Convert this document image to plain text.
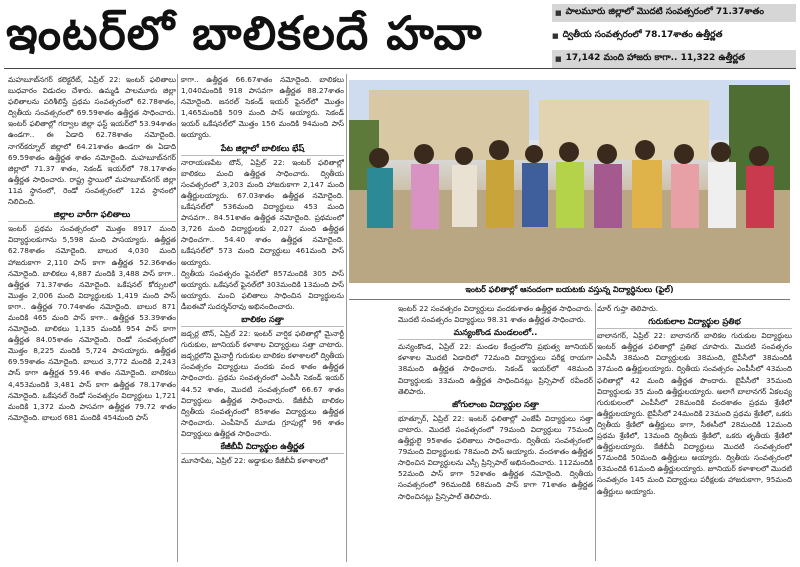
ఇంటర్‌లో బాలికలదే హవా	■ పాలమూరు జిల్లాలో మొదటి సంవత్సరంలో 71.37శాతం
■ ద్వితీయ సంవత్సరంలో 78.17శాతం ఉత్తీర్ణత
■ 17,142 మంది హాజరు కాగా.. 11,322 ఉత్తీర్ణత

మహబూబ్‌నగర్ కలెక్టరేట్, ఏప్రిల్ 22: ఇంటర్ ఫలితాలు బుధవారం విడుదల చేశారు. ఉమ్మడి పాలమూరు జిల్లా ఫలితాలను పరిశీలిస్తే ప్రథమ సంవత్సరంలో 62.78శాతం, ద్వితీయ సంవత్సరంలో 69.59శాతం ఉత్తీర్ణత సాధించారు. ఇంటర్ ఫలితాల్లో గద్వాల జిల్లా ఫస్ట్ ఇయర్‌లో 53.94శాతం ఉండగా.. ఈ ఏడాది 62.78శాతం నమోదైంది. నాగర్‌కర్నూల్ జిల్లాలో 64.21శాతం ఉండగా ఈ ఏడాది 69.59శాతం ఉత్తీర్ణత శాతం నమోదైంది. మహబూబ్‌నగర్ జిల్లాలో 71.37 శాతం, సెకండ్ ఇయర్‌లో 78.17శాతం ఉత్తీర్ణత సాధించారు. రాష్ట్ర స్థాయిలో మహబూబ్‌నగర్ జిల్లా 11వ స్థానంలో, రెండో సంవత్సరంలో 12వ స్థానంలో నిలిచింది.

జిల్లాల వారీగా ఫలితాలు

ఇంటర్ ప్రథమ సంవత్సరంలో మొత్తం 8917 మంది విద్యార్థులకుగాను 5,598 మంది పాసయ్యారు. ఉత్తీర్ణత 62.78శాతం నమోదైంది. బాలుర 4,030 మంది హాజరుకాగా 2,110 పాస్ కాగా ఉత్తీర్ణత 52.36శాతం నమోదైంది. బాలికలు 4,887 మందికి 3,488 పాస్ కాగా.. ఉత్తీర్ణత 71.37శాతం నమోదైంది. ఒకేషనల్ కోర్సులలో మొత్తం 2,006 మంది విద్యార్థులకు 1,419 మంది పాస్ కాగా.. ఉత్తీర్ణత 70.74శాతం నమోదైంది. బాలుర 871 మందికి 465 మంది పాస్ కాగా.. ఉత్తీర్ణత 53.39శాతం నమోదైంది. బాలికలు 1,135 మందికి 954 పాస్ కాగా ఉత్తీర్ణత 84.05శాతం నమోదైంది. రెండో సంవత్సరంలో మొత్తం 8,225 మందికి 5,724 పాసయ్యారు. ఉత్తీర్ణత 69.59శాతం నమోదైంది. బాలుర 3,772 మందికి 2,243 పాస్ కాగా ఉత్తీర్ణత 59.46 శాతం నమోదైంది. బాలికలు 4,453మందికి 3,481 పాస్ కాగా ఉత్తీర్ణత 78.17శాతం నమోదైంది. ఒకేషనల్ రెండో సంవత్సరం విద్యార్థులు 1,721 మందికి 1,372 మంది పాసవగా ఉత్తీర్ణత 79.72 శాతం నమోదైంది. బాలుర 681 మందికి 454మంది పాస్

కాగా.. ఉత్తీర్ణత 66.67శాతం నమోదైంది. బాలికలు 1,040మందికి 918 పాసవగా ఉత్తీర్ణత 88.27శాతం నమోదైంది. జనరల్ సెకండ్ ఇయర్ ఫైనల్‌లో మొత్తం 1,465మందికి 509 మంది పాస్ అయ్యారు. సెకండ్ ఇయర్ ఒకేషనల్‌లో మొత్తం 156 మందికి 94మంది పాస్ అయ్యారు.

పేట జిల్లాలో బాలికలు భేష్

నారాయణపేట టౌన్, ఏప్రిల్ 22: ఇంటర్ ఫలితాల్లో బాలికలు మంచి ఉత్తీర్ణత సాధించారు. ద్వితీయ సంవత్సరంలో 3,203 మంది హాజరుకాగా 2,147 మంది ఉత్తీర్ణులయ్యారు. 67.03శాతం ఉత్తీర్ణత నమోదైంది. ఒకేషనల్‌లో 536మంది విద్యార్థులు 453 మంది పాసవగా.. 84.51శాతం ఉత్తీర్ణత నమోదైంది. ప్రథమంలో 3,726 మంది విద్యార్థులకు 2,027 మంది ఉత్తీర్ణత సాధించగా.. 54.40 శాతం ఉత్తీర్ణత నమోదైంది. ఒకేషనల్‌లో 573 మంది విద్యార్థులు 461మంది పాస్ అయ్యారు.

ద్వితీయ సంవత్సరం ఫైనల్‌లో 857మందికి 305 పాస్ అయ్యారు. ఒకేషనల్ ఫైనల్‌లో 303మందికి 13మంది పాస్ అయ్యారు. మంచి ఫలితాలు సాధించిన విద్యార్థులను డీఐఈవో సుదర్శన్‌రావు అభినందించారు.

బాలికల సత్తా

జడ్చర్ల టౌన్, ఏప్రిల్ 22: ఇంటర్ వార్షిక ఫలితాల్లో మైనార్టీ గురుకుల, జూనియర్ కళాశాల విద్యార్థులు సత్తా చాటారు. జడ్చర్లలోని మైనార్టీ గురుకుల బాలికల కళాశాలలో ద్వితీయ సంవత్సరం విద్యార్థులు వందకు వంద శాతం ఉత్తీర్ణత సాధించారు. ప్రథమ సంవత్సరంలో ఎంపీసీ సెకండ్ ఇయర్ 44.52 శాతం, మొదటి సంవత్సరంలో 66.67 శాతం విద్యార్థులు ఉత్తీర్ణత సాధించారు. కేజీబీవీ బాలికల ద్వితీయ సంవత్సరంలో 85శాతం విద్యార్థులు ఉత్తీర్ణత సాధించారు. ఎంపీహెచ్ మూడు గ్రూపుల్లో 96 శాతం విద్యార్థులు ఉత్తీర్ణత సాధించారు.

కేజీబీవీ విద్యార్థుల ఉత్తీర్ణత

మూసాపేట, ఏప్రిల్ 22: అడ్డాకుల కేజీబీవీ కళాశాలలో

ఇంటర్ ఫలితాల్లో ఆనందంగా బయటకు వస్తున్న విద్యార్థినులు (ఫైల్)

ఇంటర్ 22 సంవత్సరం విద్యార్థులు వందకుశాతం ఉత్తీర్ణత సాధించారు. మొదటి సంవత్సరం విద్యార్థులు 98.31 శాతం ఉత్తీర్ణత సాధించారు.

మన్యంకొండ మండలంలో..

మన్యంకొండ, ఏప్రిల్ 22: మండల కేంద్రంలోని ప్రభుత్వ జూనియర్ కళాశాల మొదటి ఏడాదిలో 72మంది విద్యార్థులు పరీక్ష రాయగా 38మంది ఉత్తీర్ణత సాధించారు. సెకండ్ ఇయర్‌లో 48మంది విద్యార్థులకు 33మంది ఉత్తీర్ణత సాధించినట్లు ప్రిన్సిపాల్ రవీందర్ తెలిపారు.

జోగులాంబ విద్యార్థుల సత్తా

భూత్పూర్, ఏప్రిల్ 22: ఇంటర్ ఫలితాల్లో ఎంజేపీ విద్యార్థులు సత్తా చాటారు. మొదటి సంవత్సరంలో 79మంది విద్యార్థులు 75మంది ఉత్తీర్ణులై 95శాతం ఫలితాలు సాధించారు. ద్వితీయ సంవత్సరంలో 79మంది విద్యార్థులకు 78మంది పాస్ అయ్యారు. వందశాతం ఉత్తీర్ణత సాధించిన విద్యార్థులను ఎస్సీ ప్రిన్సిపాల్ అభినందించారు. 112మందికి 52మంది పాస్ కాగా 52శాతం ఉత్తీర్ణత నమోదైంది. ద్వితీయ సంవత్సరంలో 96మందికి 68మంది పాస్ కాగా 71శాతం ఉత్తీర్ణత సాధించినట్లు ప్రిన్సిపాల్ తెలిపారు.

మార్ గుప్తా తెలిపారు.

గురుకులాల విద్యార్థుల ప్రతిభ

బాలానగర్, ఏప్రిల్ 22: బాలానగర్ బాలికల గురుకుల విద్యార్థులు ఇంటర్ ఉత్తీర్ణత ఫలితాల్లో ప్రతిభ చూపారు. మొదటి సంవత్సరం ఎంపీసీ 38మంది విద్యార్థులకు 38మంది, బైపీసీలో 38మందికి 37మంది ఉత్తీర్ణులయ్యారు. ద్వితీయ సంవత్సరం ఎంపీసీలో 43మంది ఫలితాల్లో 42 మంది ఉత్తీర్ణత పొందారు. బైపీసీలో 35మంది విద్యార్థులకు 35 మంది ఉత్తీర్ణులయ్యారు. అలాగే బాలానగర్ ఏకలవ్య గురుకులంలో ఎంపీసీలో 28మందికి వందశాతం ప్రథమ శ్రేణిలో ఉత్తీర్ణులయ్యారు. బైపీసీలో 24మందికి 23మంది ప్రథమ శ్రేణిలో, ఒకరు ద్వితీయ శ్రేణిలో ఉత్తీర్ణులు కాగా, సీఈసీలో 28మందికి 12మంది ప్రథమ శ్రేణిలో, 13మంది ద్వితీయ శ్రేణిలో, ఒకరు తృతీయ శ్రేణిలో ఉత్తీర్ణులయ్యారు. కేజీబీవీ విద్యార్థులు మొదటి సంవత్సరంలో 57మందికి 50మంది ఉత్తీర్ణులు అయ్యారు. ద్వితీయ సంవత్సరంలో 63మందికి 61మంది ఉత్తీర్ణులయ్యారు. జూనియర్ కళాశాలలో మొదటి సంవత్సరం 145 మంది విద్యార్థులు పరీక్షలకు హాజరుకాగా, 95మంది ఉత్తీర్ణులు అయ్యారు.
